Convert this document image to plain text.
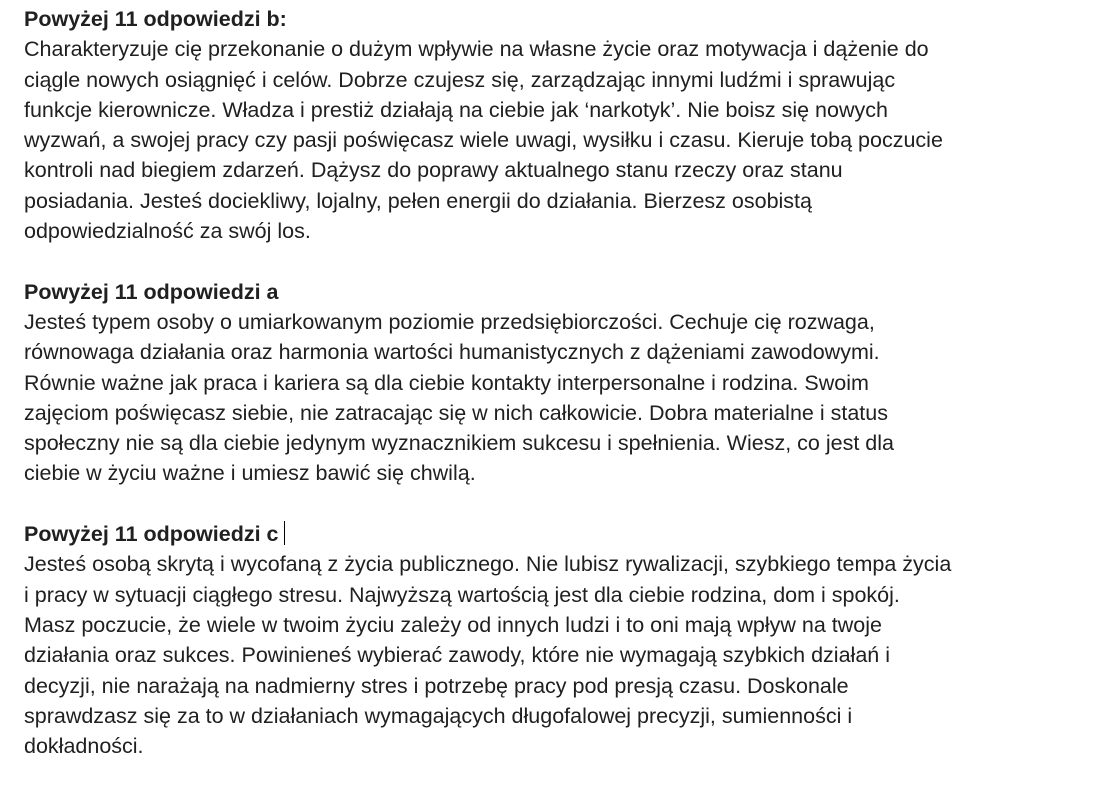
Powyżej 11 odpowiedzi b:

Charakteryzuje cię przekonanie o dużym wpływie na własne życie oraz motywacja i dążenie do

ciągle nowych osiągnięć i celów. Dobrze czujesz się, zarządzając innymi ludźmi i sprawując

funkcje kierownicze. Władza i prestiż działają na ciebie jak ‘narkotyk’. Nie boisz się nowych

wyzwań, a swojej pracy czy pasji poświęcasz wiele uwagi, wysiłku i czasu. Kieruje tobą poczucie

kontroli nad biegiem zdarzeń. Dążysz do poprawy aktualnego stanu rzeczy oraz stanu

posiadania. Jesteś dociekliwy, lojalny, pełen energii do działania. Bierzesz osobistą

odpowiedzialność za swój los.

Powyżej 11 odpowiedzi a

Jesteś typem osoby o umiarkowanym poziomie przedsiębiorczości. Cechuje cię rozwaga,

równowaga działania oraz harmonia wartości humanistycznych z dążeniami zawodowymi.

Równie ważne jak praca i kariera są dla ciebie kontakty interpersonalne i rodzina. Swoim

zajęciom poświęcasz siebie, nie zatracając się w nich całkowicie. Dobra materialne i status

społeczny nie są dla ciebie jedynym wyznacznikiem sukcesu i spełnienia. Wiesz, co jest dla

ciebie w życiu ważne i umiesz bawić się chwilą.

Powyżej 11 odpowiedzi c

Jesteś osobą skrytą i wycofaną z życia publicznego. Nie lubisz rywalizacji, szybkiego tempa życia

i pracy w sytuacji ciągłego stresu. Najwyższą wartością jest dla ciebie rodzina, dom i spokój.

Masz poczucie, że wiele w twoim życiu zależy od innych ludzi i to oni mają wpływ na twoje

działania oraz sukces. Powinieneś wybierać zawody, które nie wymagają szybkich działań i

decyzji, nie narażają na nadmierny stres i potrzebę pracy pod presją czasu. Doskonale

sprawdzasz się za to w działaniach wymagających długofalowej precyzji, sumienności i

dokładności.
